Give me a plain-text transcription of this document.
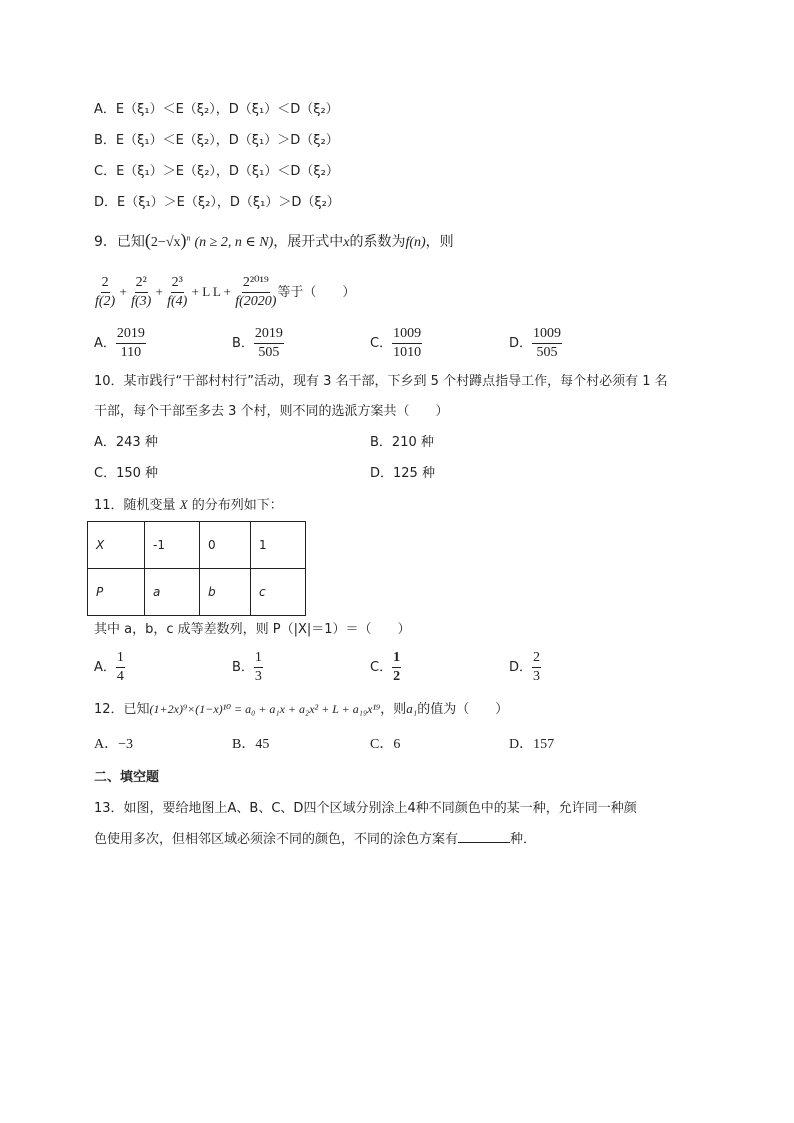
A．E（ξ₁）＜E（ξ₂），D（ξ₁）＜D（ξ₂）
B．E（ξ₁）＜E（ξ₂），D（ξ₁）＞D（ξ₂）
C．E（ξ₁）＞E（ξ₂），D（ξ₁）＜D（ξ₂）
D．E（ξ₁）＞E（ξ₂），D（ξ₁）＞D（ξ₂）
9．已知$(2-√x)^n$ (n ≥ 2, n ∈ N)，展开式中x的系数为f(n)，则
$\frac{2}{f(2)} + \frac{\text{2²}}{f(3)} + \frac{\text{2³}}{f(4)} + L$ $L + \frac{\text{2²⁰¹⁹}}{f(2020)}$ 等于（　　）
A． $\frac{2019}{110}$	B． $\frac{2019}{505}$	C． $\frac{1009}{1010}$	D． $\frac{1009}{505}$
10．某市践行“干部村村行”活动，现有 3 名干部，下乡到 5 个村蹲点指导工作，每个村必须有 1 名
干部，每个干部至多去 3 个村，则不同的选派方案共（　　）
A．243 种	B．210 种
C．150 种	D．125 种
11．随机变量 X 的分布列如下：
X	-1	0	1
P	a	b	c
其中 a，b，c 成等差数列，则 P（|X|＝1）＝（　　）
A． $\frac{1}{4}$	B． $\frac{1}{3}$	C． $\frac{1}{2}$	D． $\frac{2}{3}$
12．已知(1+2x)⁹×(1−x)¹⁰ = a₀ + a₁x + a₂x² + L + a₁₉x¹⁹，则a₁的值为（　　）
A．−3	B．45	C．6	D．157
二、填空题
13．如图，要给地图上A、B、C、D四个区域分别涂上4种不同颜色中的某一种，允许同一种颜
色使用多次，但相邻区域必须涂不同的颜色，不同的涂色方案有	种．
